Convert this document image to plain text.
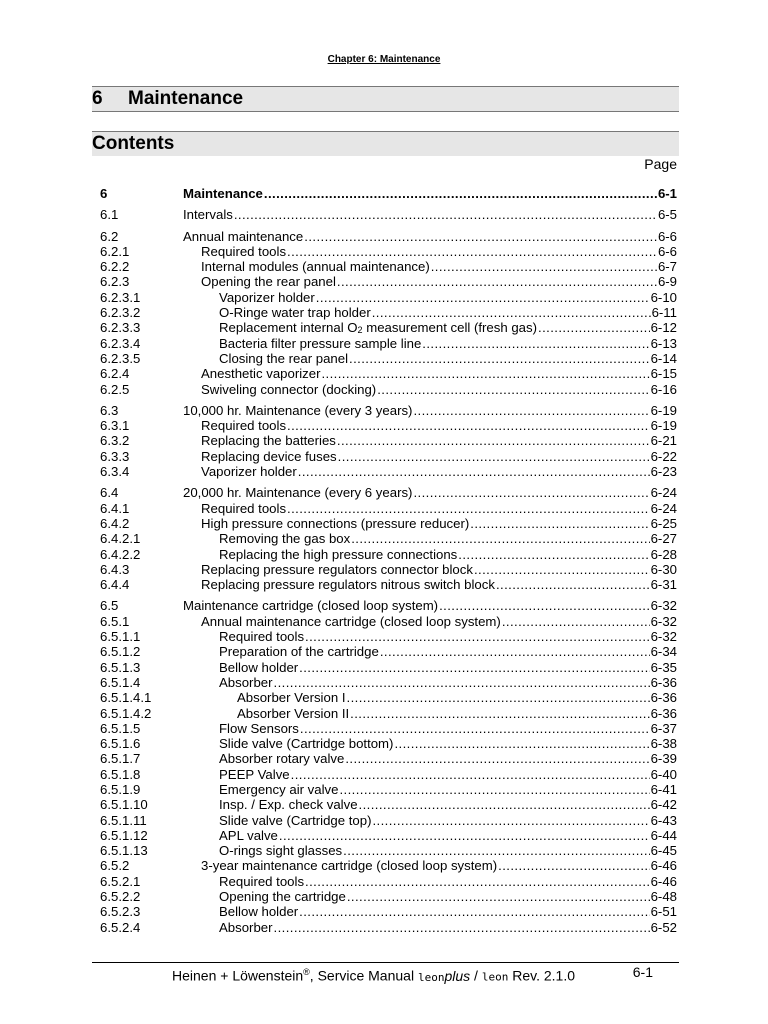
Chapter 6: Maintenance
6 Maintenance
Contents
Page
6	Maintenance .....	6-1
6.1	Intervals .....	6-5
6.2	Annual maintenance .....	6-6
6.2.1	Required tools .....	6-6
6.2.2	Internal modules (annual maintenance) .....	6-7
6.2.3	Opening the rear panel .....	6-9
6.2.3.1	Vaporizer holder .....	6-10
6.2.3.2	O-Ringe water trap holder .....	6-11
6.2.3.3	Replacement internal $O_2$ measurement cell (fresh gas) .....	6-12
6.2.3.4	Bacteria filter pressure sample line .....	6-13
6.2.3.5	Closing the rear panel .....	6-14
6.2.4	Anesthetic vaporizer .....	6-15
6.2.5	Swiveling connector (docking) .....	6-16
6.3	10,000 hr. Maintenance (every 3 years) .....	6-19
6.3.1	Required tools .....	6-19
6.3.2	Replacing the batteries .....	6-21
6.3.3	Replacing device fuses .....	6-22
6.3.4	Vaporizer holder .....	6-23
6.4	20,000 hr. Maintenance (every 6 years) .....	6-24
6.4.1	Required tools .....	6-24
6.4.2	High pressure connections (pressure reducer) .....	6-25
6.4.2.1	Removing the gas box .....	6-27
6.4.2.2	Replacing the high pressure connections .....	6-28
6.4.3	Replacing pressure regulators connector block .....	6-30
6.4.4	Replacing pressure regulators nitrous switch block .....	6-31
6.5	Maintenance cartridge (closed loop system) .....	6-32
6.5.1	Annual maintenance cartridge (closed loop system) .....	6-32
6.5.1.1	Required tools .....	6-32
6.5.1.2	Preparation of the cartridge .....	6-34
6.5.1.3	Bellow holder .....	6-35
6.5.1.4	Absorber .....	6-36
6.5.1.4.1	Absorber Version I .....	6-36
6.5.1.4.2	Absorber Version II .....	6-36
6.5.1.5	Flow Sensors .....	6-37
6.5.1.6	Slide valve (Cartridge bottom) .....	6-38
6.5.1.7	Absorber rotary valve .....	6-39
6.5.1.8	PEEP Valve .....	6-40
6.5.1.9	Emergency air valve .....	6-41
6.5.1.10	Insp. / Exp. check valve .....	6-42
6.5.1.11	Slide valve (Cartridge top) .....	6-43
6.5.1.12	APL valve .....	6-44
6.5.1.13	O-rings sight glasses .....	6-45
6.5.2	3-year maintenance cartridge (closed loop system) .....	6-46
6.5.2.1	Required tools .....	6-46
6.5.2.2	Opening the cartridge .....	6-48
6.5.2.3	Bellow holder .....	6-51
6.5.2.4	Absorber .....	6-52
Heinen + Löwenstein®, Service Manual leonplus / leon Rev. 2.1.0	6-1
